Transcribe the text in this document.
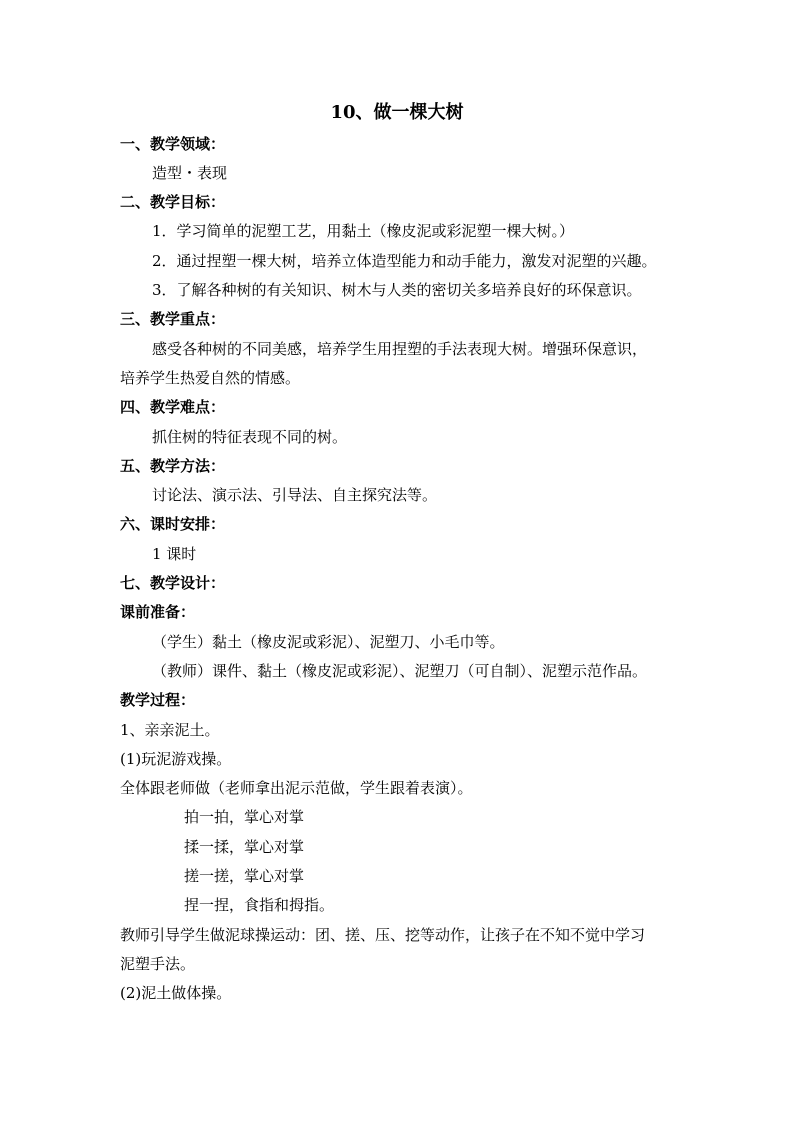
10、做一棵大树
一、教学领域：
造型・表现
二、教学目标：
1．学习简单的泥塑工艺，用黏土（橡皮泥或彩泥塑一棵大树。）
2．通过捏塑一棵大树，培养立体造型能力和动手能力，激发对泥塑的兴趣。
3．了解各种树的有关知识、树木与人类的密切关多培养良好的环保意识。
三、教学重点：
感受各种树的不同美感，培养学生用捏塑的手法表现大树。增强环保意识，
培养学生热爱自然的情感。
四、教学难点：
抓住树的特征表现不同的树。
五、教学方法：
讨论法、演示法、引导法、自主探究法等。
六、课时安排：
1 课时
七、教学设计：
课前准备：
（学生）黏土（橡皮泥或彩泥）、泥塑刀、小毛巾等。
（教师）课件、黏土（橡皮泥或彩泥）、泥塑刀（可自制）、泥塑示范作品。
教学过程：
1、亲亲泥土。
(1)玩泥游戏操。
全体跟老师做（老师拿出泥示范做，学生跟着表演）。
拍一拍，掌心对掌
揉一揉，掌心对掌
搓一搓，掌心对掌
捏一捏，食指和拇指。
教师引导学生做泥球操运动：团、搓、压、挖等动作，让孩子在不知不觉中学习
泥塑手法。
(2)泥土做体操。
